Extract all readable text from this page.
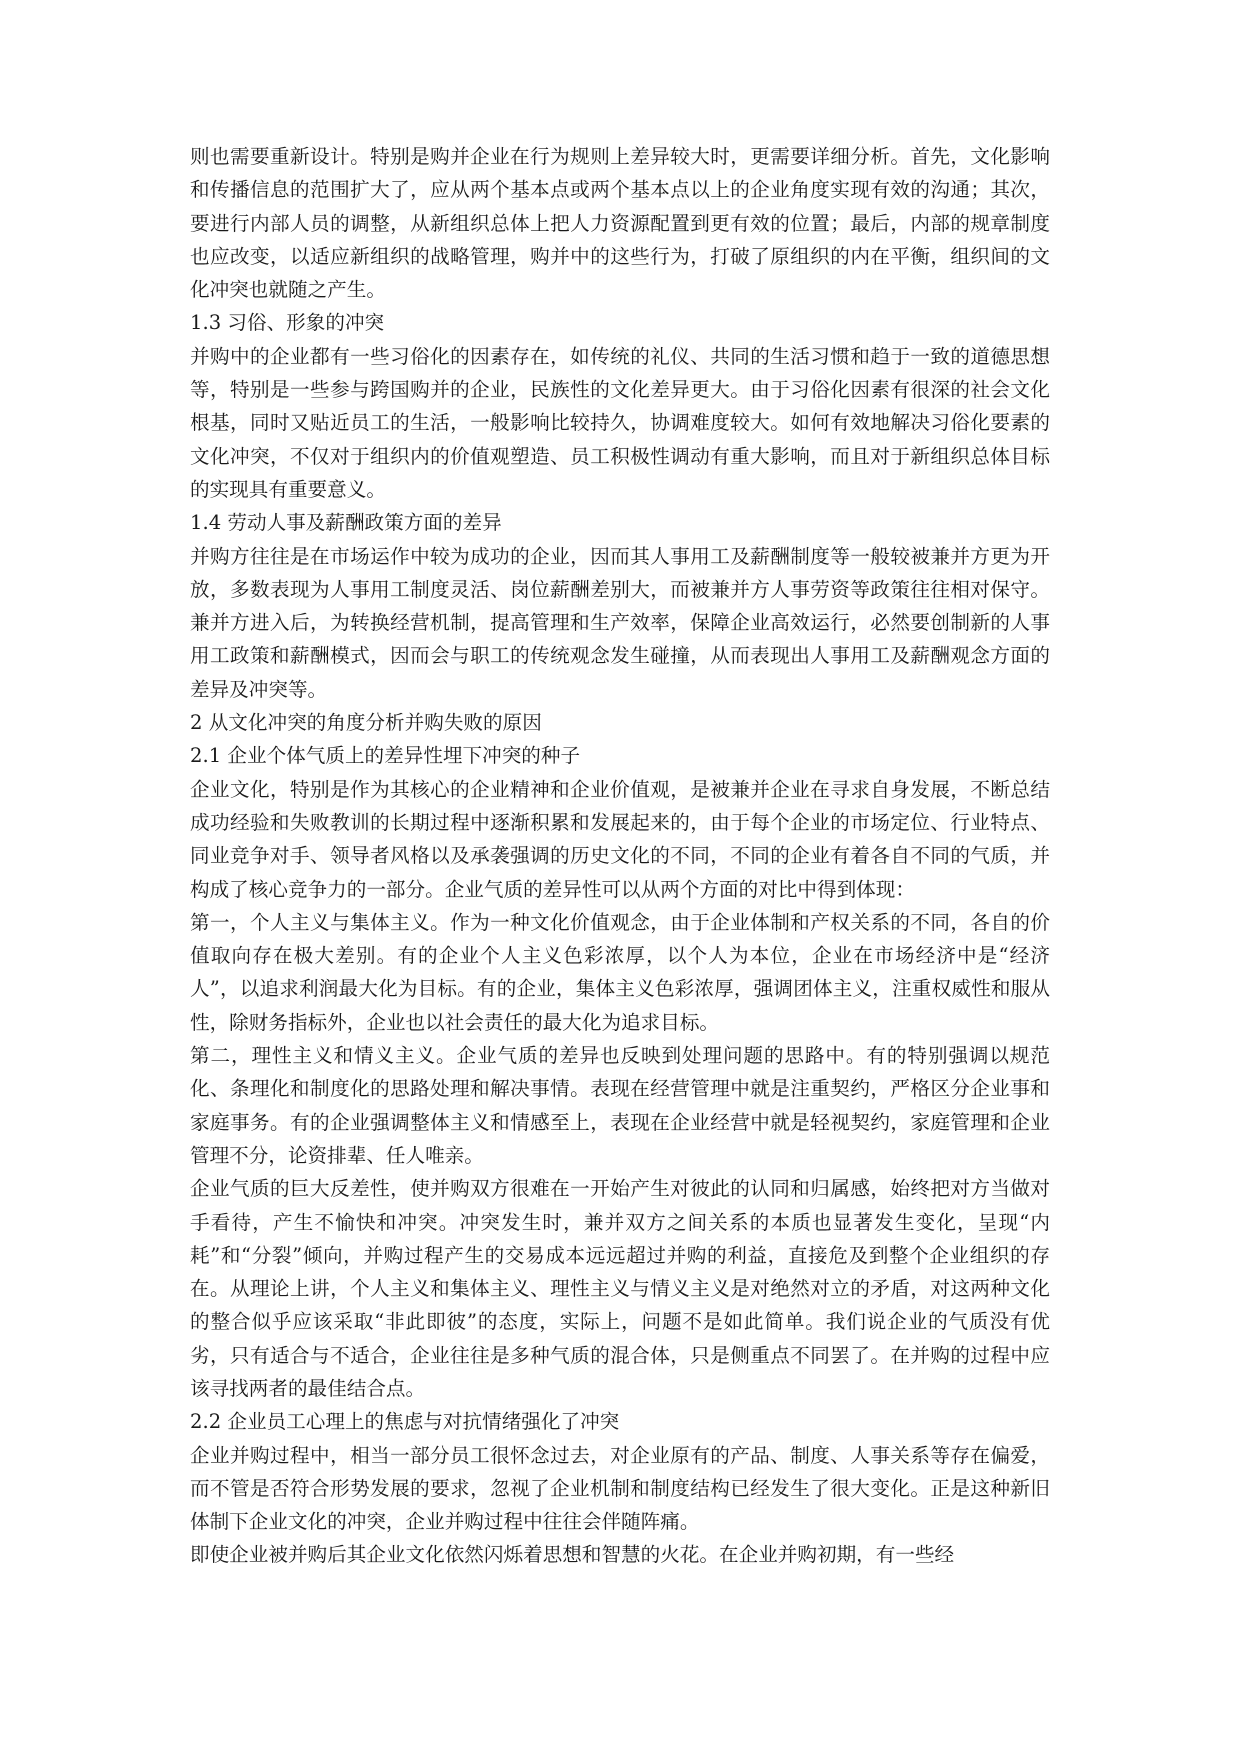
则也需要重新设计。特别是购并企业在行为规则上差异较大时，更需要详细分析。首先，文化影响和传播信息的范围扩大了，应从两个基本点或两个基本点以上的企业角度实现有效的沟通；其次，要进行内部人员的调整，从新组织总体上把人力资源配置到更有效的位置；最后，内部的规章制度也应改变，以适应新组织的战略管理，购并中的这些行为，打破了原组织的内在平衡，组织间的文化冲突也就随之产生。

1.3 习俗、形象的冲突

并购中的企业都有一些习俗化的因素存在，如传统的礼仪、共同的生活习惯和趋于一致的道德思想等，特别是一些参与跨国购并的企业，民族性的文化差异更大。由于习俗化因素有很深的社会文化根基，同时又贴近员工的生活，一般影响比较持久，协调难度较大。如何有效地解决习俗化要素的文化冲突，不仅对于组织内的价值观塑造、员工积极性调动有重大影响，而且对于新组织总体目标的实现具有重要意义。

1.4 劳动人事及薪酬政策方面的差异

并购方往往是在市场运作中较为成功的企业，因而其人事用工及薪酬制度等一般较被兼并方更为开放，多数表现为人事用工制度灵活、岗位薪酬差别大，而被兼并方人事劳资等政策往往相对保守。兼并方进入后，为转换经营机制，提高管理和生产效率，保障企业高效运行，必然要创制新的人事用工政策和薪酬模式，因而会与职工的传统观念发生碰撞，从而表现出人事用工及薪酬观念方面的差异及冲突等。

2 从文化冲突的角度分析并购失败的原因
2.1 企业个体气质上的差异性埋下冲突的种子

企业文化，特别是作为其核心的企业精神和企业价值观，是被兼并企业在寻求自身发展，不断总结成功经验和失败教训的长期过程中逐渐积累和发展起来的，由于每个企业的市场定位、行业特点、同业竞争对手、领导者风格以及承袭强调的历史文化的不同，不同的企业有着各自不同的气质，并构成了核心竞争力的一部分。企业气质的差异性可以从两个方面的对比中得到体现：

第一，个人主义与集体主义。作为一种文化价值观念，由于企业体制和产权关系的不同，各自的价值取向存在极大差别。有的企业个人主义色彩浓厚，以个人为本位，企业在市场经济中是“经济人”，以追求利润最大化为目标。有的企业，集体主义色彩浓厚，强调团体主义，注重权威性和服从性，除财务指标外，企业也以社会责任的最大化为追求目标。

第二，理性主义和情义主义。企业气质的差异也反映到处理问题的思路中。有的特别强调以规范化、条理化和制度化的思路处理和解决事情。表现在经营管理中就是注重契约，严格区分企业事和家庭事务。有的企业强调整体主义和情感至上，表现在企业经营中就是轻视契约，家庭管理和企业管理不分，论资排辈、任人唯亲。

企业气质的巨大反差性，使并购双方很难在一开始产生对彼此的认同和归属感，始终把对方当做对手看待，产生不愉快和冲突。冲突发生时，兼并双方之间关系的本质也显著发生变化，呈现“内耗”和“分裂”倾向，并购过程产生的交易成本远远超过并购的利益，直接危及到整个企业组织的存在。从理论上讲，个人主义和集体主义、理性主义与情义主义是对绝然对立的矛盾，对这两种文化的整合似乎应该采取“非此即彼”的态度，实际上，问题不是如此简单。我们说企业的气质没有优劣，只有适合与不适合，企业往往是多种气质的混合体，只是侧重点不同罢了。在并购的过程中应该寻找两者的最佳结合点。

2.2 企业员工心理上的焦虑与对抗情绪强化了冲突

企业并购过程中，相当一部分员工很怀念过去，对企业原有的产品、制度、人事关系等存在偏爱，而不管是否符合形势发展的要求，忽视了企业机制和制度结构已经发生了很大变化。正是这种新旧体制下企业文化的冲突，企业并购过程中往往会伴随阵痛。

即使企业被并购后其企业文化依然闪烁着思想和智慧的火花。在企业并购初期，有一些经
